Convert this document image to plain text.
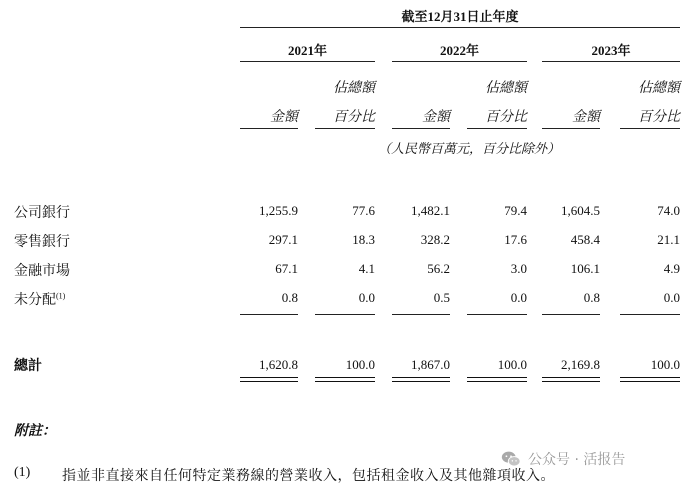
截至12月31日止年度
2021年	2022年	2023年
佔總額	佔總額	佔總額
金額	百分比	金額	百分比	金額	百分比
（人民幣百萬元，百分比除外）
公司銀行	1,255.9	77.6	1,482.1	79.4	1,604.5	74.0
零售銀行	297.1	18.3	328.2	17.6	458.4	21.1
金融市場	67.1	4.1	56.2	3.0	106.1	4.9
未分配$^{(1)}$	0.8	0.0	0.5	0.0	0.8	0.0
總計	1,620.8	100.0	1,867.0	100.0	2,169.8	100.0
附註：
(1) 指並非直接來自任何特定業務線的營業收入，包括租金收入及其他雜項收入。
公众号 · 活报告
